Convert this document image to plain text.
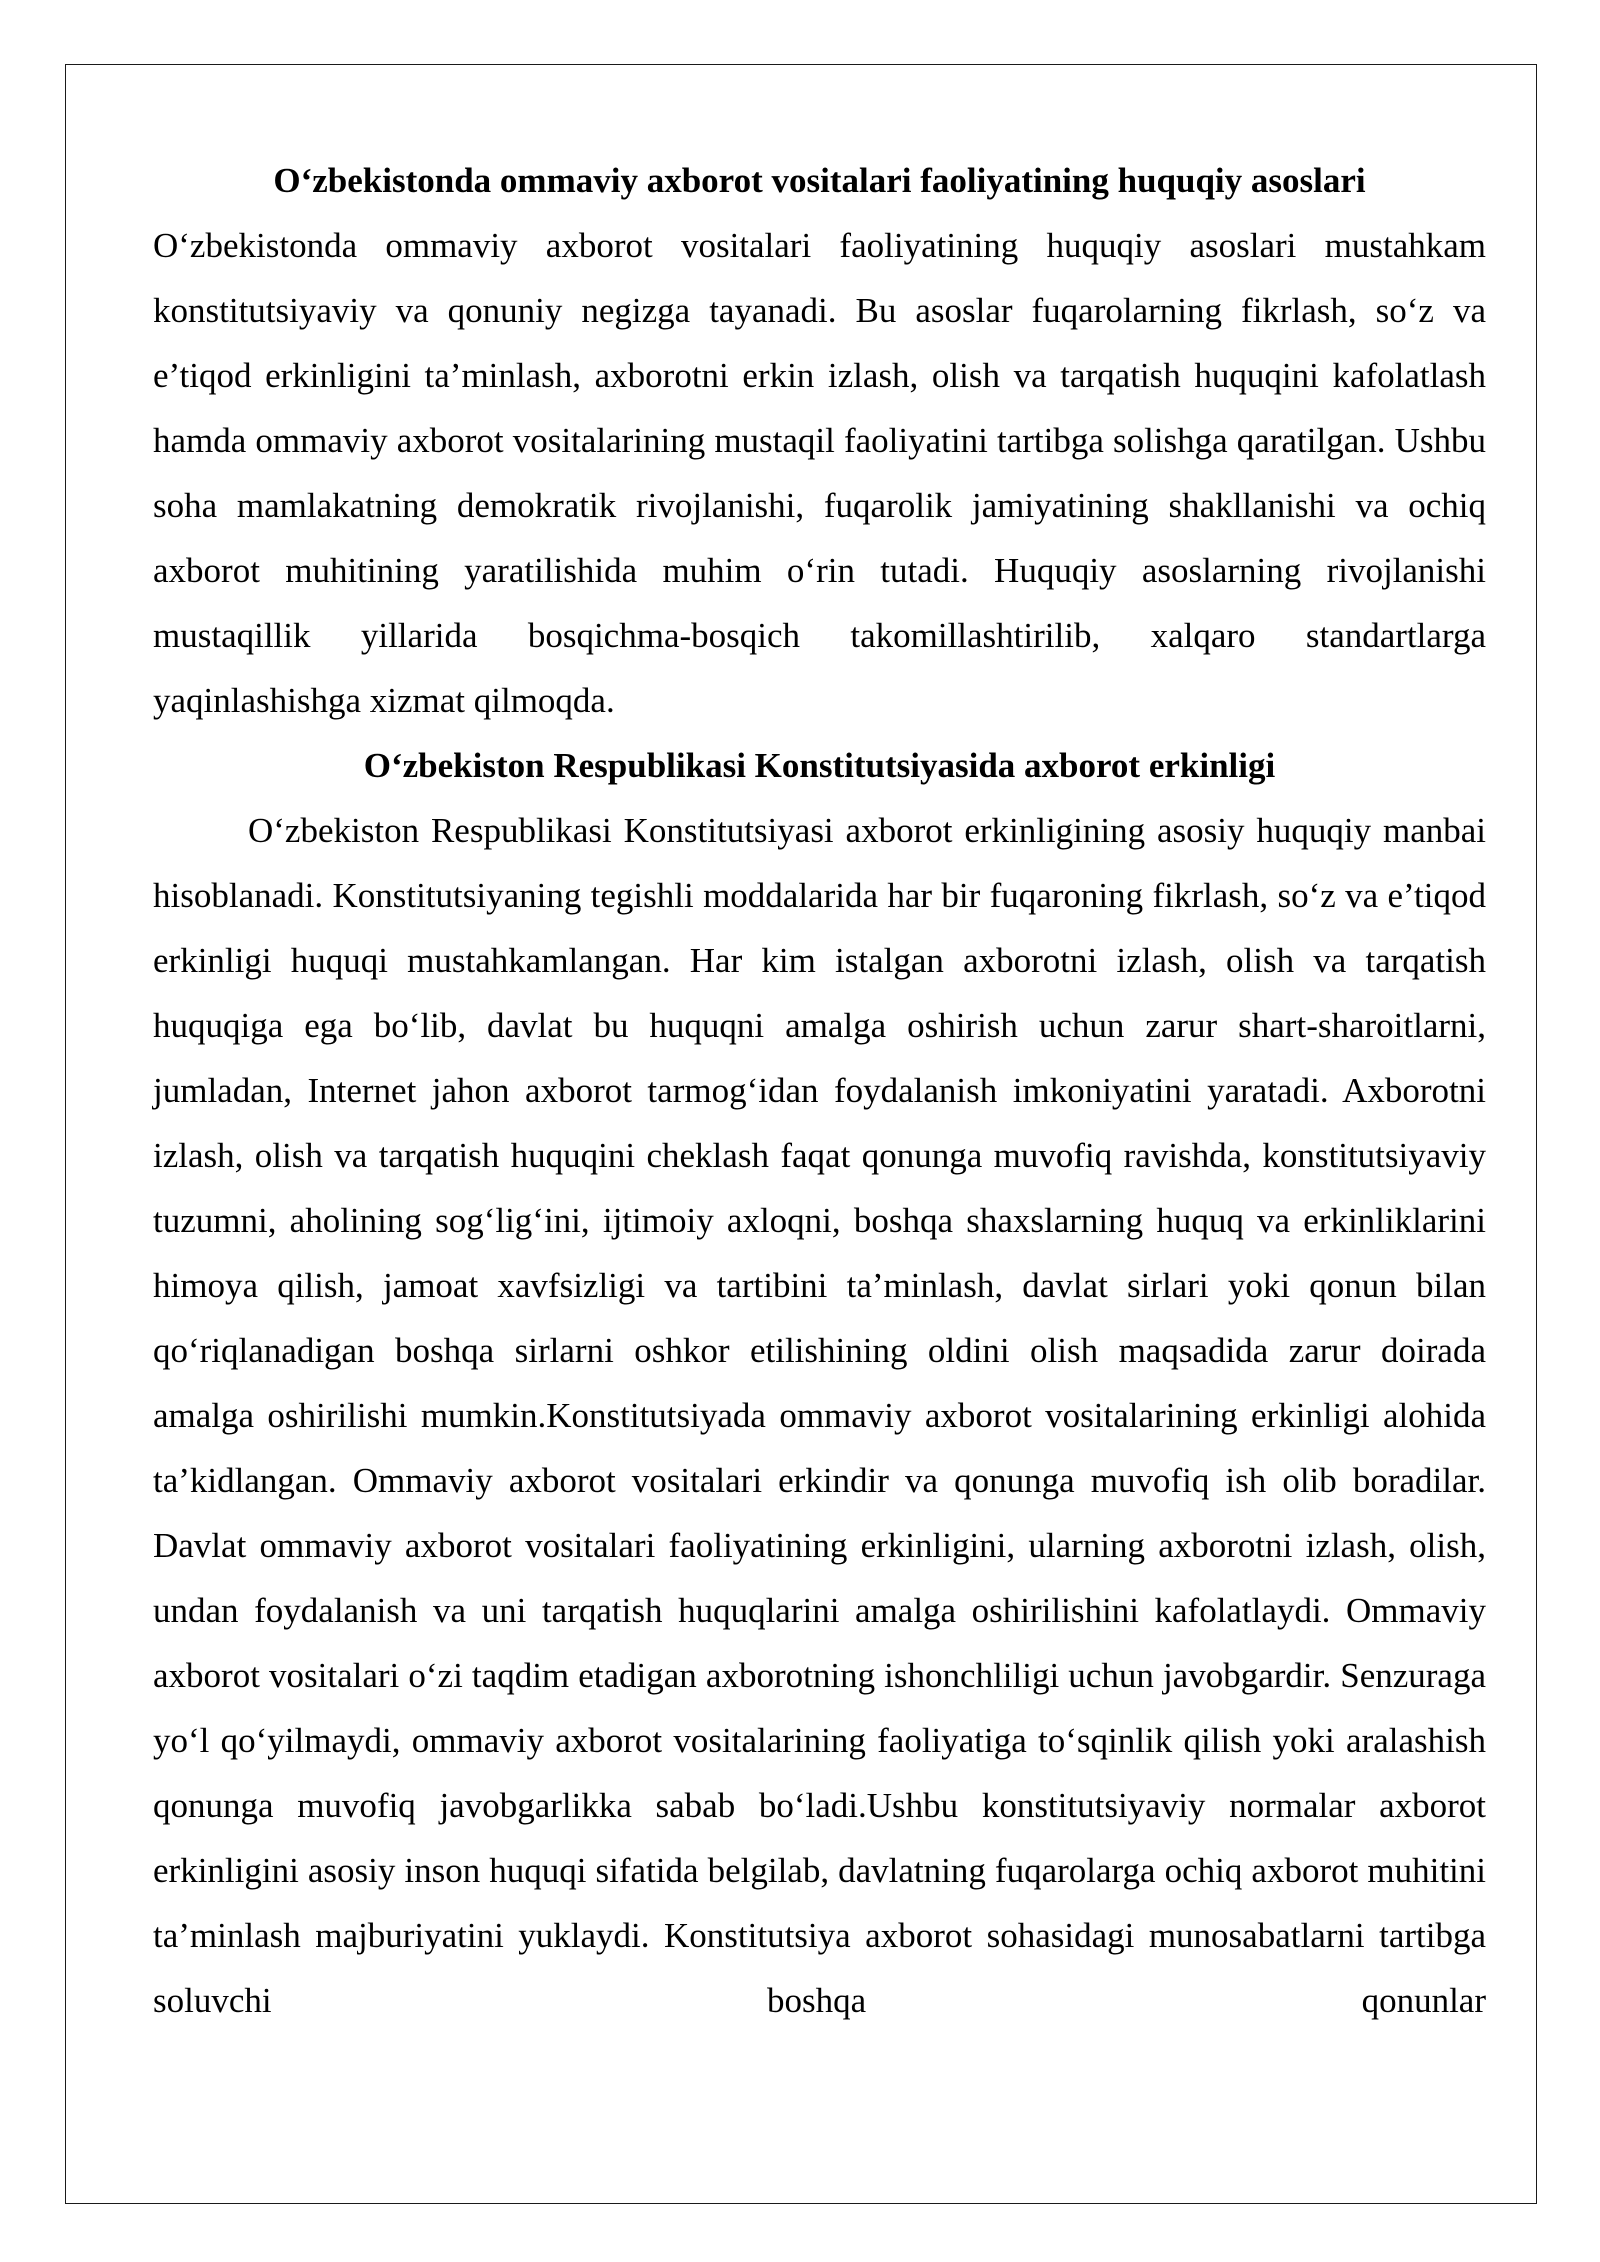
O‘zbekistonda ommaviy axborot vositalari faoliyatining huquqiy asoslari

O‘zbekistonda ommaviy axborot vositalari faoliyatining huquqiy asoslari mustahkam konstitutsiyaviy va qonuniy negizga tayanadi. Bu asoslar fuqarolarning fikrlash, so‘z va e’tiqod erkinligini ta’minlash, axborotni erkin izlash, olish va tarqatish huquqini kafolatlash hamda ommaviy axborot vositalarining mustaqil faoliyatini tartibga solishga qaratilgan. Ushbu soha mamlakatning demokratik rivojlanishi, fuqarolik jamiyatining shakllanishi va ochiq axborot muhitining yaratilishida muhim o‘rin tutadi. Huquqiy asoslarning rivojlanishi mustaqillik yillarida bosqichma-bosqich takomillashtirilib, xalqaro standartlarga yaqinlashishga xizmat qilmoqda.

O‘zbekiston Respublikasi Konstitutsiyasida axborot erkinligi

O‘zbekiston Respublikasi Konstitutsiyasi axborot erkinligining asosiy huquqiy manbai hisoblanadi. Konstitutsiyaning tegishli moddalarida har bir fuqaroning fikrlash, so‘z va e’tiqod erkinligi huquqi mustahkamlangan. Har kim istalgan axborotni izlash, olish va tarqatish huquqiga ega bo‘lib, davlat bu huquqni amalga oshirish uchun zarur shart-sharoitlarni, jumladan, Internet jahon axborot tarmog‘idan foydalanish imkoniyatini yaratadi. Axborotni izlash, olish va tarqatish huquqini cheklash faqat qonunga muvofiq ravishda, konstitutsiyaviy tuzumni, aholining sog‘lig‘ini, ijtimoiy axloqni, boshqa shaxslarning huquq va erkinliklarini himoya qilish, jamoat xavfsizligi va tartibini ta’minlash, davlat sirlari yoki qonun bilan qo‘riqlanadigan boshqa sirlarni oshkor etilishining oldini olish maqsadida zarur doirada amalga oshirilishi mumkin.Konstitutsiyada ommaviy axborot vositalarining erkinligi alohida ta’kidlangan. Ommaviy axborot vositalari erkindir va qonunga muvofiq ish olib boradilar. Davlat ommaviy axborot vositalari faoliyatining erkinligini, ularning axborotni izlash, olish, undan foydalanish va uni tarqatish huquqlarini amalga oshirilishini kafolatlaydi. Ommaviy axborot vositalari o‘zi taqdim etadigan axborotning ishonchliligi uchun javobgardir. Senzuraga yo‘l qo‘yilmaydi, ommaviy axborot vositalarining faoliyatiga to‘sqinlik qilish yoki aralashish qonunga muvofiq javobgarlikka sabab bo‘ladi.Ushbu konstitutsiyaviy normalar axborot erkinligini asosiy inson huquqi sifatida belgilab, davlatning fuqarolarga ochiq axborot muhitini ta’minlash majburiyatini yuklaydi. Konstitutsiya axborot sohasidagi munosabatlarni tartibga soluvchi boshqa qonunlar
